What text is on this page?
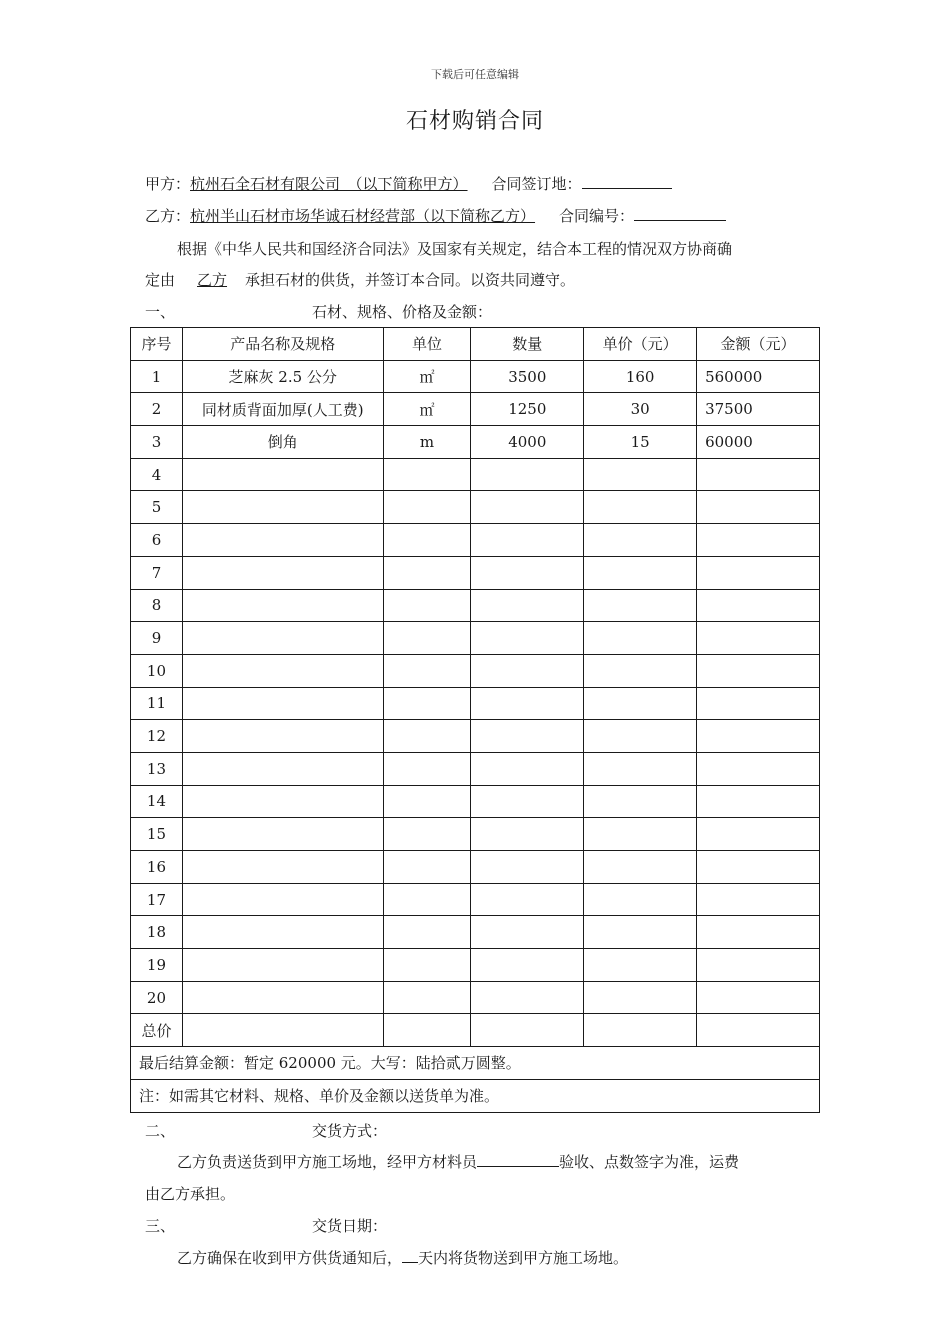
下载后可任意编辑
石材购销合同
甲方：杭州石全石材有限公司　（以下简称甲方） 合同签订地：
乙方：杭州半山石材市场华诚石材经营部（以下简称乙方） 合同编号：
根据《中华人民共和国经济合同法》及国家有关规定，结合本工程的情况双方协商确
定由 乙方 承担石材的供货，并签订本合同。以资共同遵守。
一、	石材、规格、价格及金额：
序号	产品名称及规格	单位	数量	单价（元）	金额（元）
1	芝麻灰 2.5 公分	㎡	3500	160	560000
2	同材质背面加厚(人工费)	㎡	1250	30	37500
3	倒角	m	4000	15	60000
4					
5					
6					
7					
8					
9					
10					
11					
12					
13					
14					
15					
16					
17					
18					
19					
20					
总价					
最后结算金额：暂定 620000 元。大写：陆拾贰万圆整。					
注：如需其它材料、规格、单价及金额以送货单为准。					
二、	交货方式：
乙方负责送货到甲方施工场地，经甲方材料员	验收、点数签字为准，运费
由乙方承担。
三、	交货日期：
乙方确保在收到甲方供货通知后， 天内将货物送到甲方施工场地。
